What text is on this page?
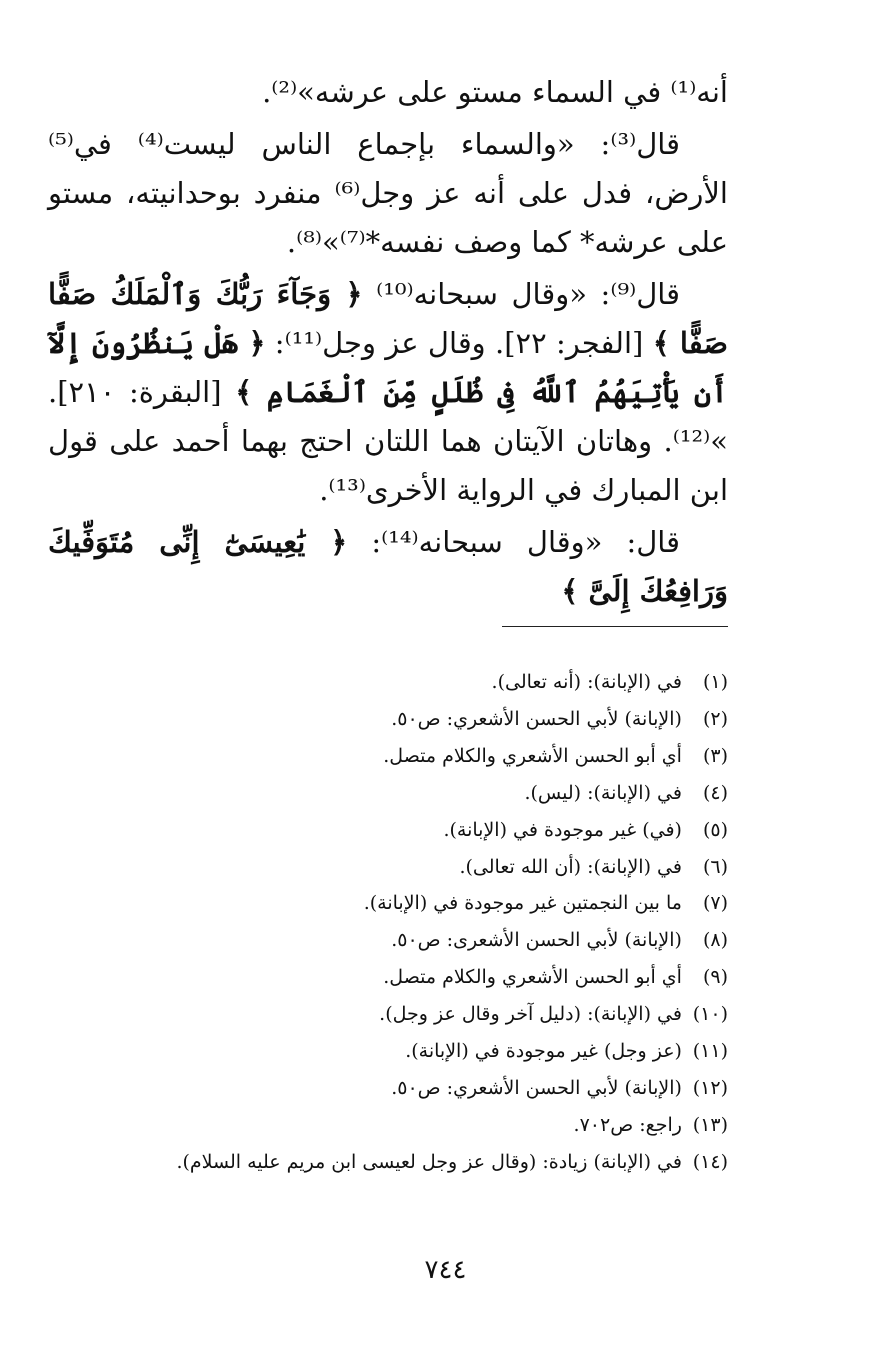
أنه⁽¹⁾ في السماء مستو على عرشه»⁽²⁾.

قال⁽³⁾: «والسماء بإجماع الناس ليست⁽⁴⁾ في⁽⁵⁾ الأرض، فدل على أنه عز وجل⁽⁶⁾ منفرد بوحدانيته، مستو على عرشه* كما وصف نفسه*⁽⁷⁾»⁽⁸⁾.

قال⁽⁹⁾: «وقال سبحانه⁽¹⁰⁾ ﴿ وَجَآءَ رَبُّكَ وَٱلْمَلَكُ صَفًّا صَفًّا ﴾ [الفجر: ٢٢]. وقال عز وجل⁽¹¹⁾: ﴿ هَلْ يَنظُرُونَ إِلَّآ أَن يَأْتِيَهُمُ ٱللَّهُ فِى ظُلَلٍ مِّنَ ٱلْغَمَامِ ﴾ [البقرة: ٢١٠]. »⁽¹²⁾. وهاتان الآيتان هما اللتان احتج بهما أحمد على قول ابن المبارك في الرواية الأخرى⁽¹³⁾.

قال: «وقال سبحانه⁽¹⁴⁾: ﴿ يَٰعِيسَىٰٓ إِنِّى مُتَوَفِّيكَ وَرَافِعُكَ إِلَىَّ ﴾

(١) في (الإبانة): (أنه تعالى).
(٢) (الإبانة) لأبي الحسن الأشعري: ص٥٠.
(٣) أي أبو الحسن الأشعري والكلام متصل.
(٤) في (الإبانة): (ليس).
(٥) (في) غير موجودة في (الإبانة).
(٦) في (الإبانة): (أن الله تعالى).
(٧) ما بين النجمتين غير موجودة في (الإبانة).
(٨) (الإبانة) لأبي الحسن الأشعرى: ص٥٠.
(٩) أي أبو الحسن الأشعري والكلام متصل.
(١٠) في (الإبانة): (دليل آخر وقال عز وجل).
(١١) (عز وجل) غير موجودة في (الإبانة).
(١٢) (الإبانة) لأبي الحسن الأشعري: ص٥٠.
(١٣) راجع: ص٧٠٢.
(١٤) في (الإبانة) زيادة: (وقال عز وجل لعيسى ابن مريم عليه السلام).
٧٤٤
